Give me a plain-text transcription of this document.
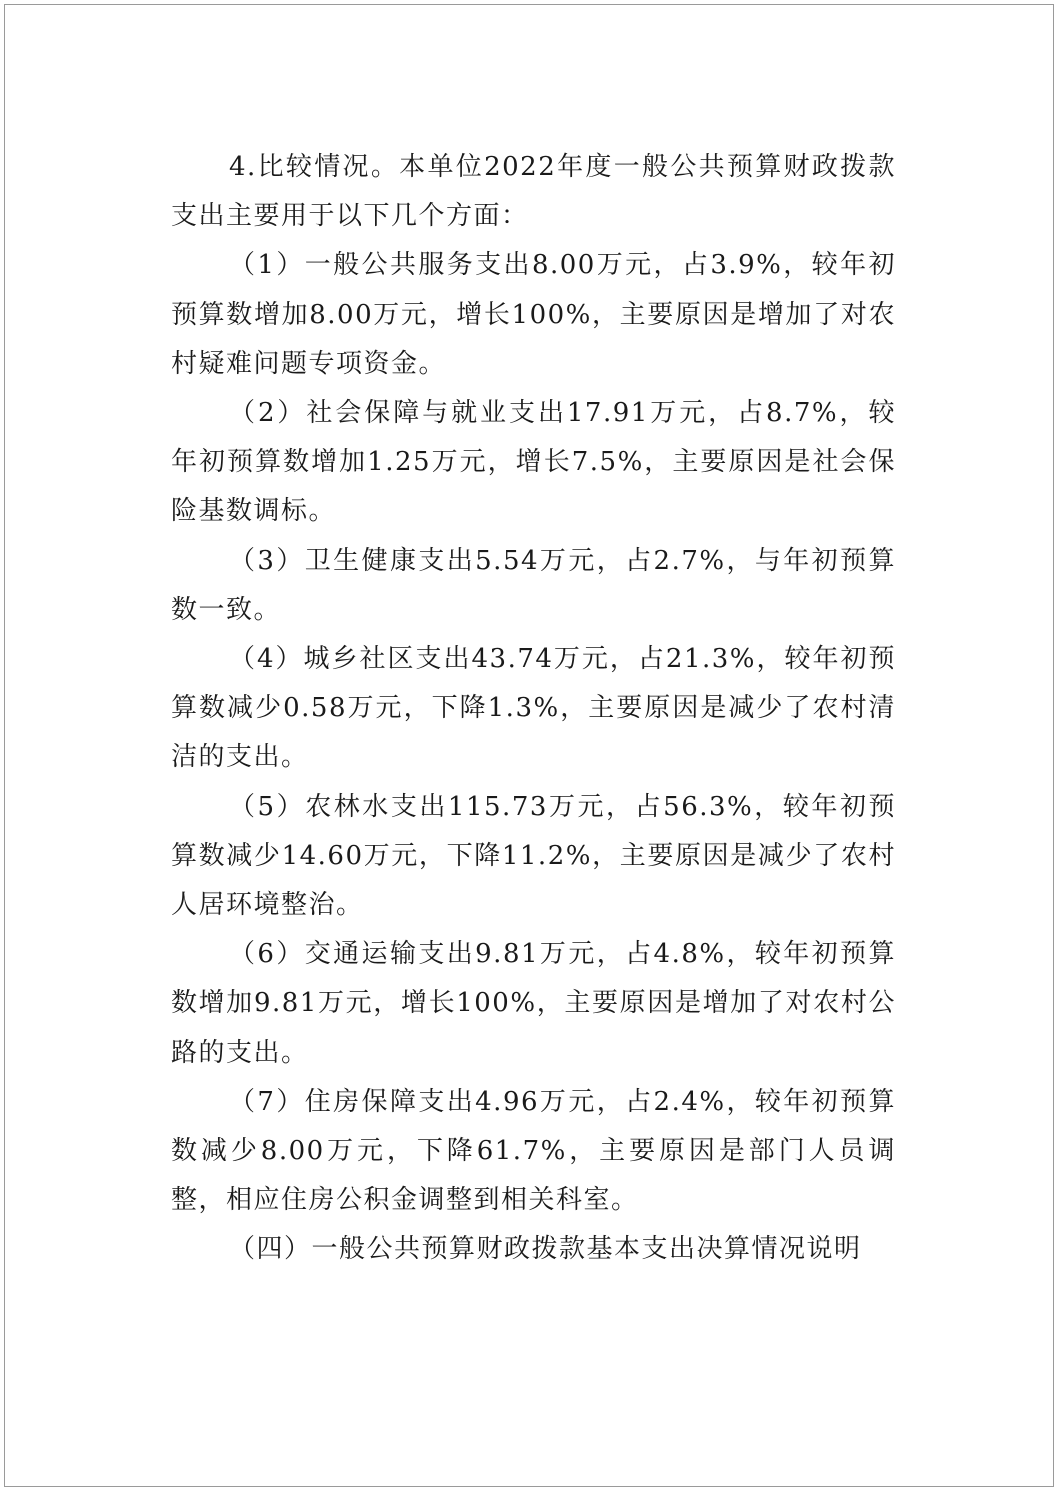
4.比较情况。本单位2022年度一般公共预算财政拨款支出主要用于以下几个方面：

（1）一般公共服务支出8.00万元，占3.9%，较年初预算数增加8.00万元，增长100%，主要原因是增加了对农村疑难问题专项资金。

（2）社会保障与就业支出17.91万元，占8.7%，较年初预算数增加1.25万元，增长7.5%，主要原因是社会保险基数调标。

（3）卫生健康支出5.54万元，占2.7%，与年初预算数一致。

（4）城乡社区支出43.74万元，占21.3%，较年初预算数减少0.58万元，下降1.3%，主要原因是减少了农村清洁的支出。

（5）农林水支出115.73万元，占56.3%，较年初预算数减少14.60万元，下降11.2%，主要原因是减少了农村人居环境整治。

（6）交通运输支出9.81万元，占4.8%，较年初预算数增加9.81万元，增长100%，主要原因是增加了对农村公路的支出。

（7）住房保障支出4.96万元，占2.4%，较年初预算数减少8.00万元，下降61.7%，主要原因是部门人员调整，相应住房公积金调整到相关科室。

（四）一般公共预算财政拨款基本支出决算情况说明
